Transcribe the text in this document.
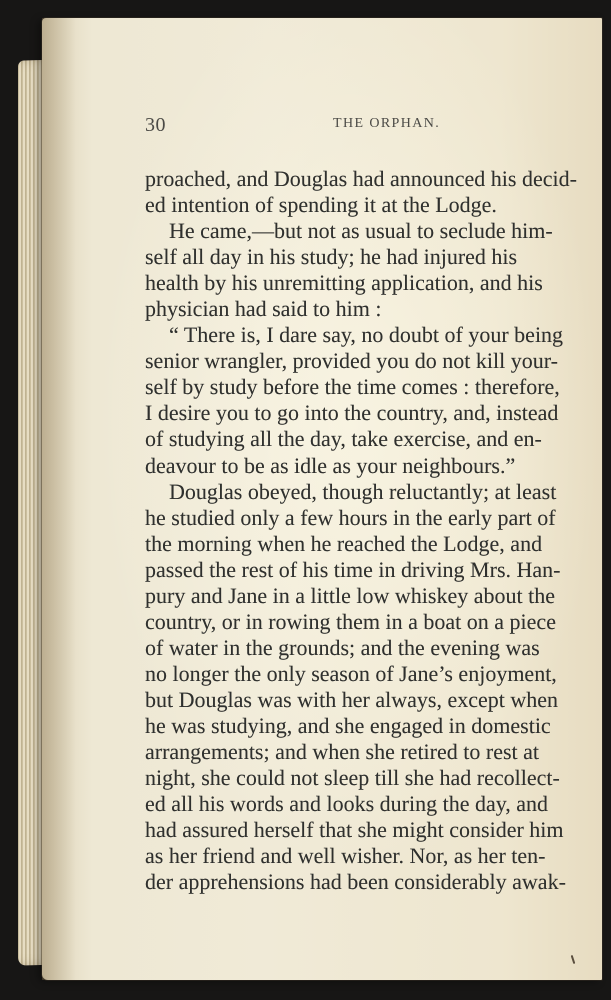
30	THE ORPHAN.
proached, and Douglas had announced his decid-
ed intention of spending it at the Lodge.
He came,—but not as usual to seclude him-
self all day in his study; he had injured his
health by his unremitting application, and his
physician had said to him :
“ There is, I dare say, no doubt of your being
senior wrangler, provided you do not kill your-
self by study before the time comes : therefore,
I desire you to go into the country, and, instead
of studying all the day, take exercise, and en-
deavour to be as idle as your neighbours.”
Douglas obeyed, though reluctantly; at least
he studied only a few hours in the early part of
the morning when he reached the Lodge, and
passed the rest of his time in driving Mrs. Han-
pury and Jane in a little low whiskey about the
country, or in rowing them in a boat on a piece
of water in the grounds; and the evening was
no longer the only season of Jane’s enjoyment,
but Douglas was with her always, except when
he was studying, and she engaged in domestic
arrangements; and when she retired to rest at
night, she could not sleep till she had recollect-
ed all his words and looks during the day, and
had assured herself that she might consider him
as her friend and well wisher. Nor, as her ten-
der apprehensions had been considerably awak-
